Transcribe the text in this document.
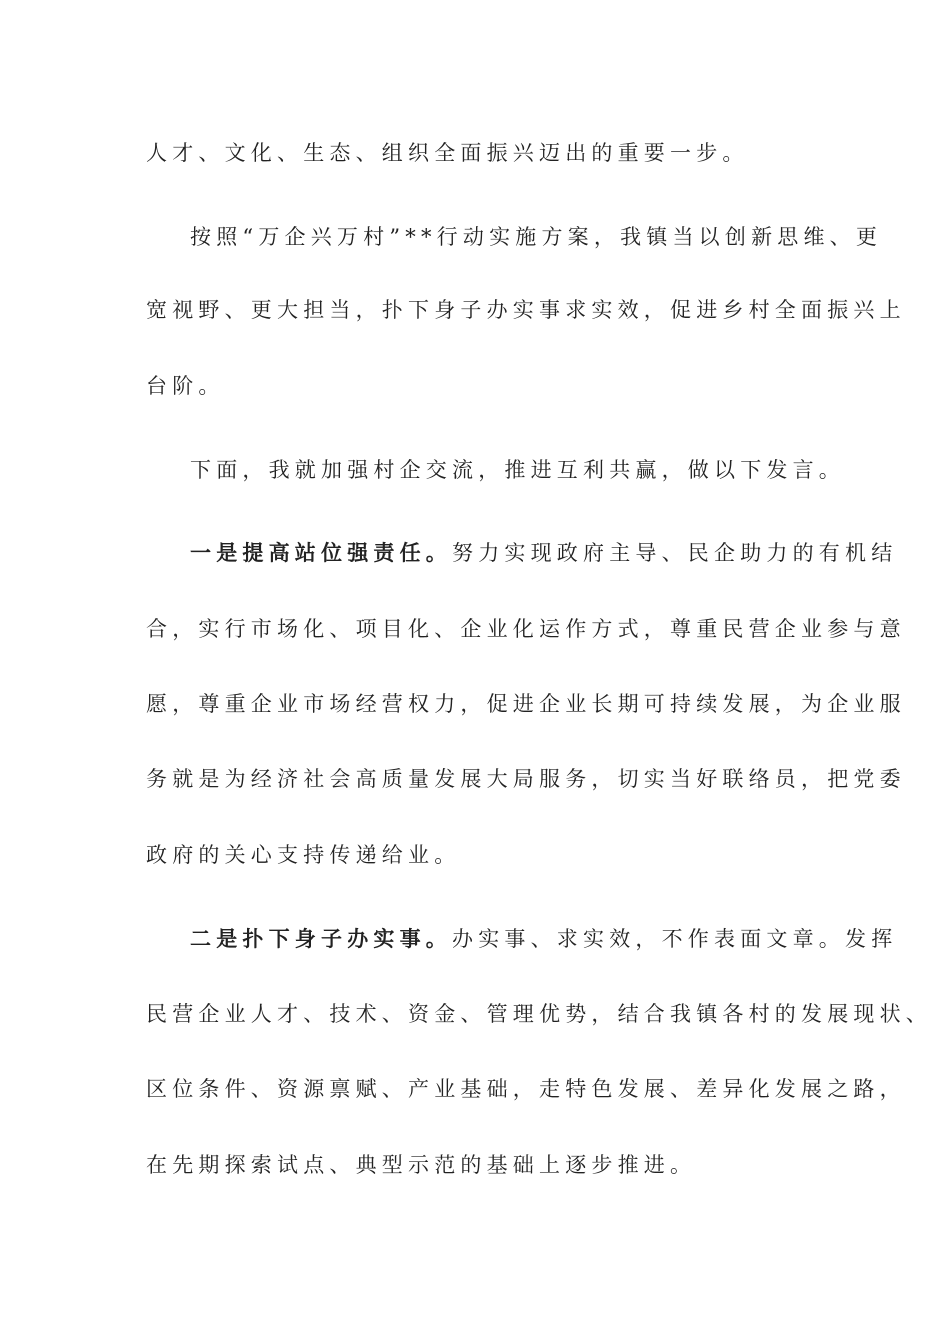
人才、文化、生态、组织全面振兴迈出的重要一步。
按照“万企兴万村”**行动实施方案，我镇当以创新思维、更
宽视野、更大担当，扑下身子办实事求实效，促进乡村全面振兴上
台阶。
下面，我就加强村企交流，推进互利共赢，做以下发言。
一是提高站位强责任。努力实现政府主导、民企助力的有机结
合，实行市场化、项目化、企业化运作方式，尊重民营企业参与意
愿，尊重企业市场经营权力，促进企业长期可持续发展，为企业服
务就是为经济社会高质量发展大局服务，切实当好联络员，把党委
政府的关心支持传递给业。
二是扑下身子办实事。办实事、求实效，不作表面文章。发挥
民营企业人才、技术、资金、管理优势，结合我镇各村的发展现状、
区位条件、资源禀赋、产业基础，走特色发展、差异化发展之路，
在先期探索试点、典型示范的基础上逐步推进。
